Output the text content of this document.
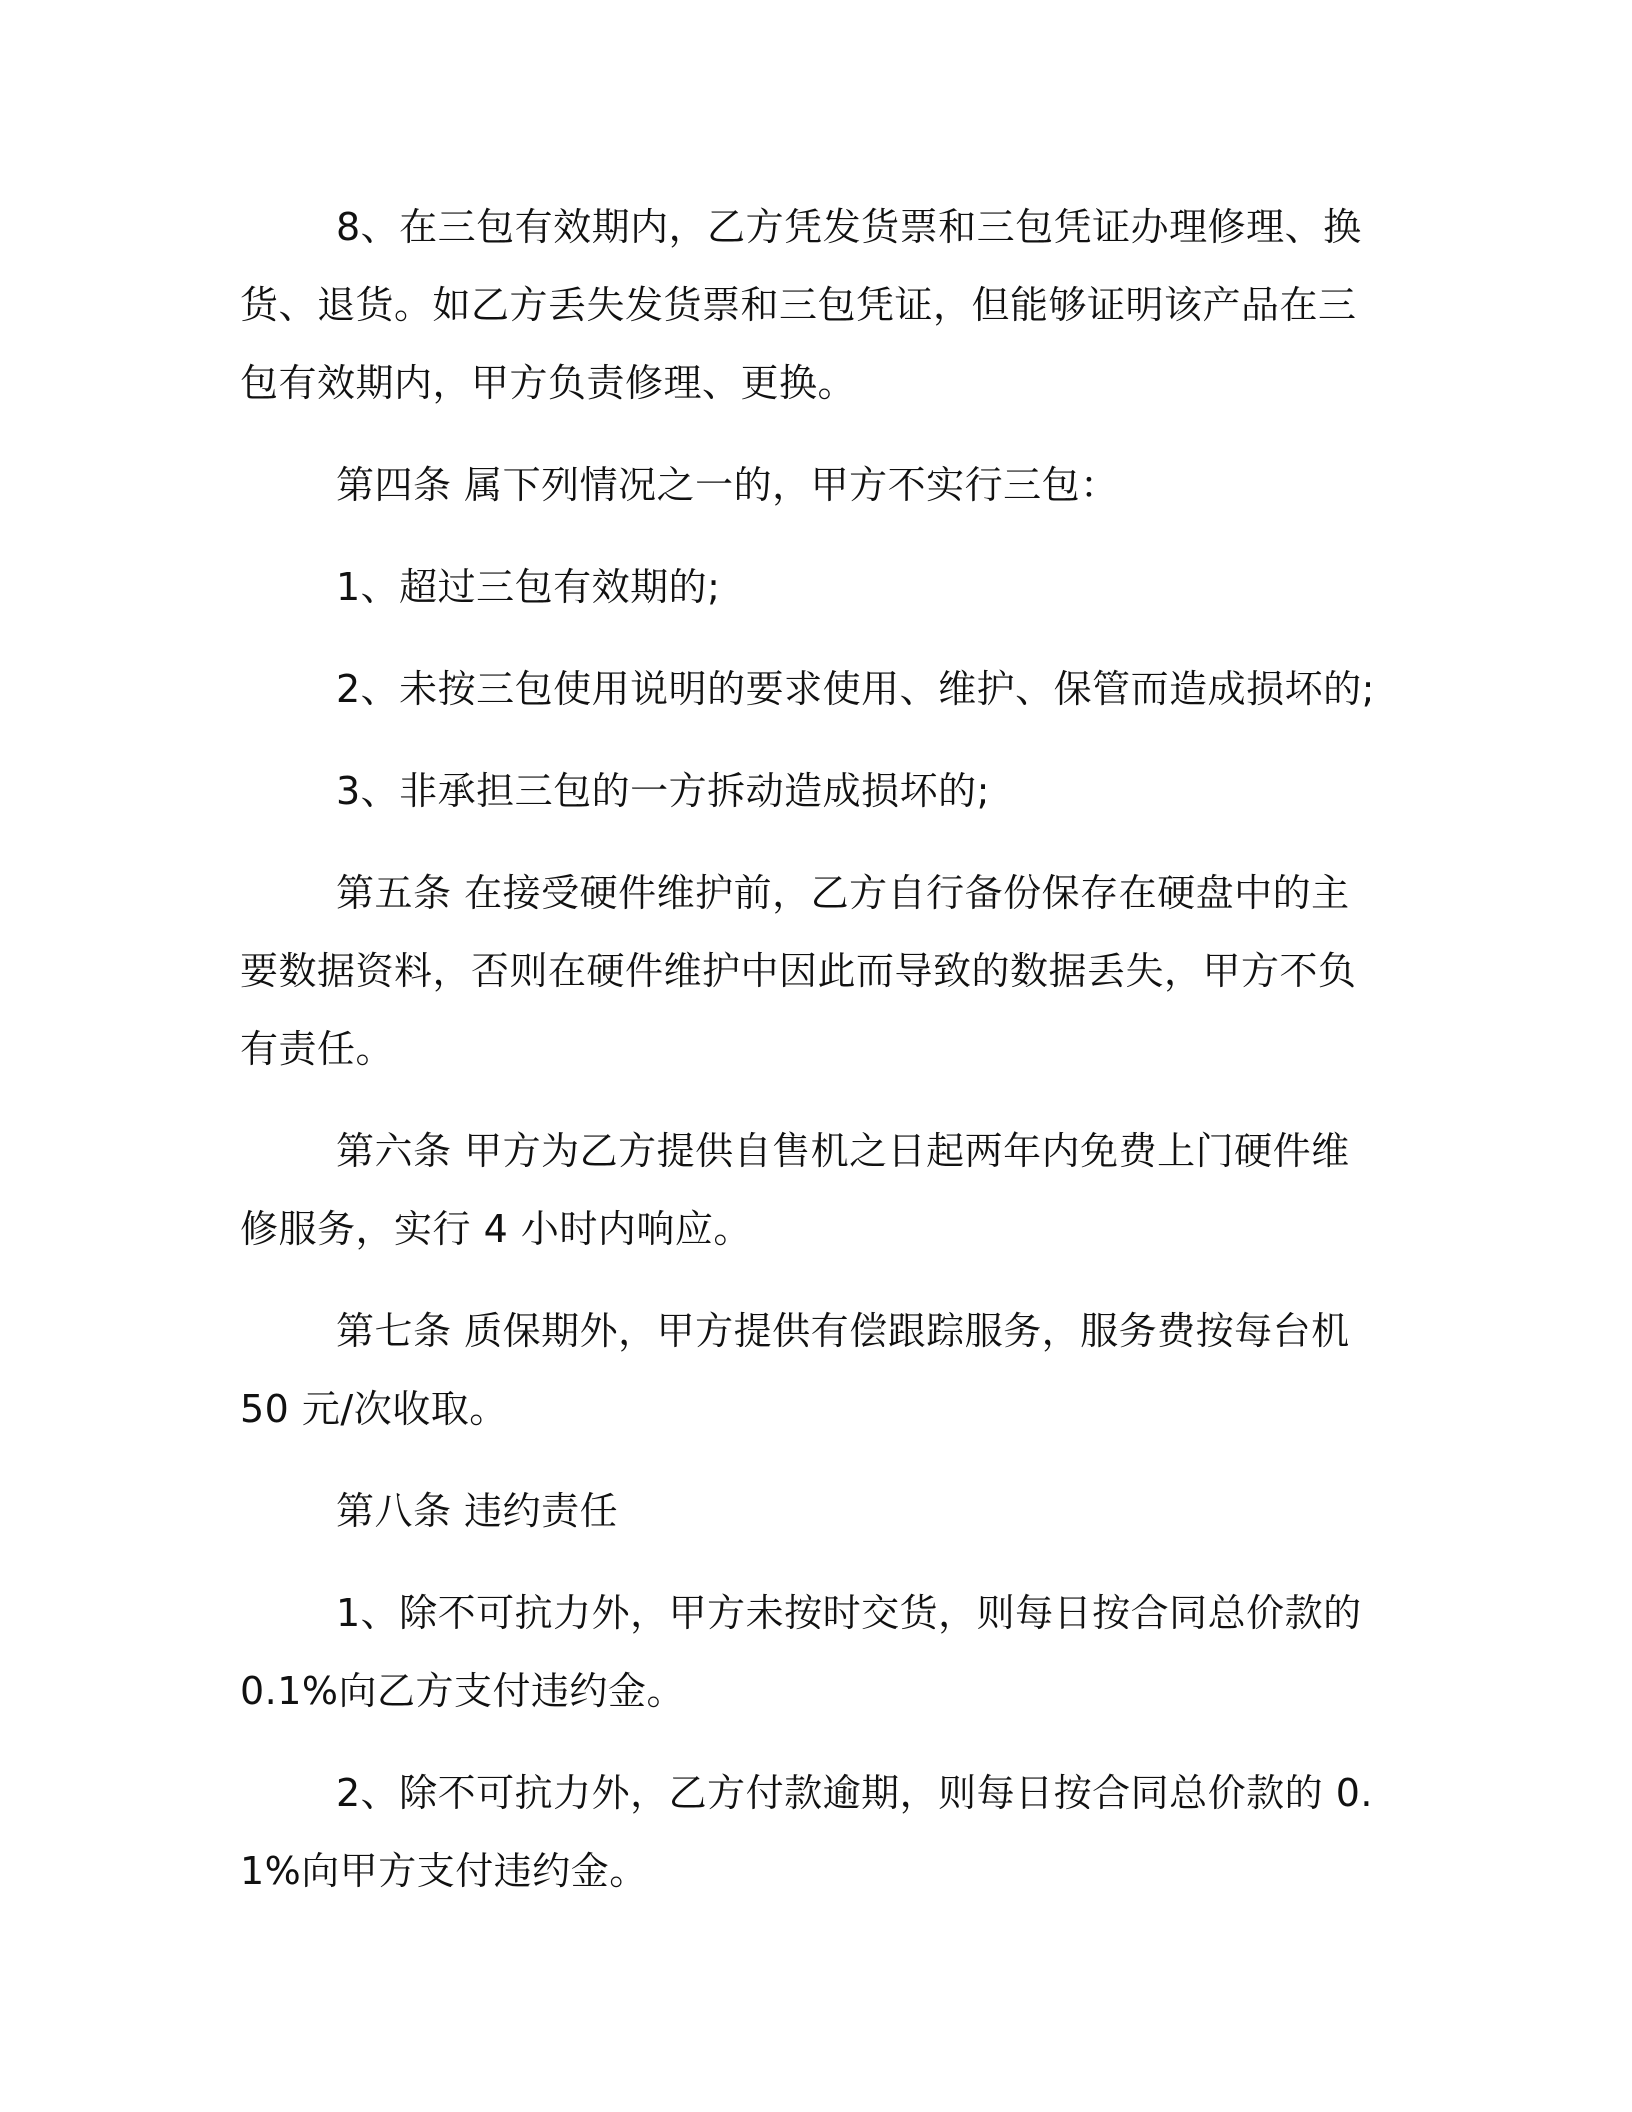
8、在三包有效期内，乙方凭发货票和三包凭证办理修理、换货、退货。如乙方丢失发货票和三包凭证，但能够证明该产品在三包有效期内，甲方负责修理、更换。

第四条 属下列情况之一的，甲方不实行三包：

1、超过三包有效期的;

2、未按三包使用说明的要求使用、维护、保管而造成损坏的;

3、非承担三包的一方拆动造成损坏的;

第五条 在接受硬件维护前，乙方自行备份保存在硬盘中的主要数据资料，否则在硬件维护中因此而导致的数据丢失，甲方不负有责任。

第六条 甲方为乙方提供自售机之日起两年内免费上门硬件维修服务，实行 4 小时内响应。

第七条 质保期外，甲方提供有偿跟踪服务，服务费按每台机 50 元/次收取。

第八条 违约责任

1、除不可抗力外，甲方未按时交货，则每日按合同总价款的 0.1%向乙方支付违约金。

2、除不可抗力外，乙方付款逾期，则每日按合同总价款的 0.1%向甲方支付违约金。
